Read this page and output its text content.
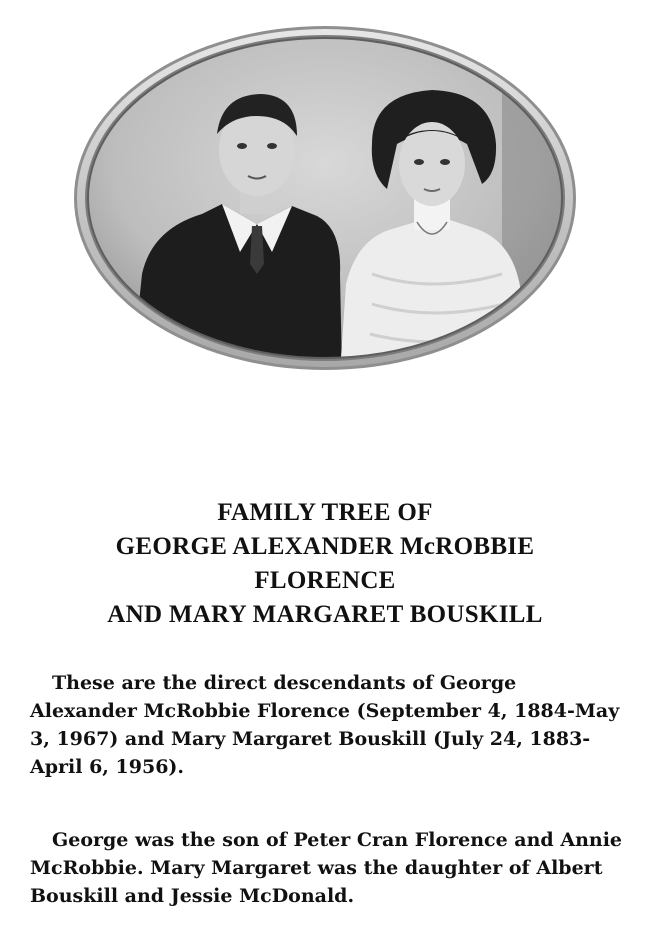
FAMILY TREE OF
GEORGE ALEXANDER McROBBIE
FLORENCE
AND MARY MARGARET BOUSKILL

These are the direct descendants of George Alexander McRobbie Florence (September 4, 1884-May 3, 1967) and Mary Margaret Bouskill (July 24, 1883-April 6, 1956).

George was the son of Peter Cran Florence and Annie McRobbie. Mary Margaret was the daughter of Albert Bouskill and Jessie McDonald.
